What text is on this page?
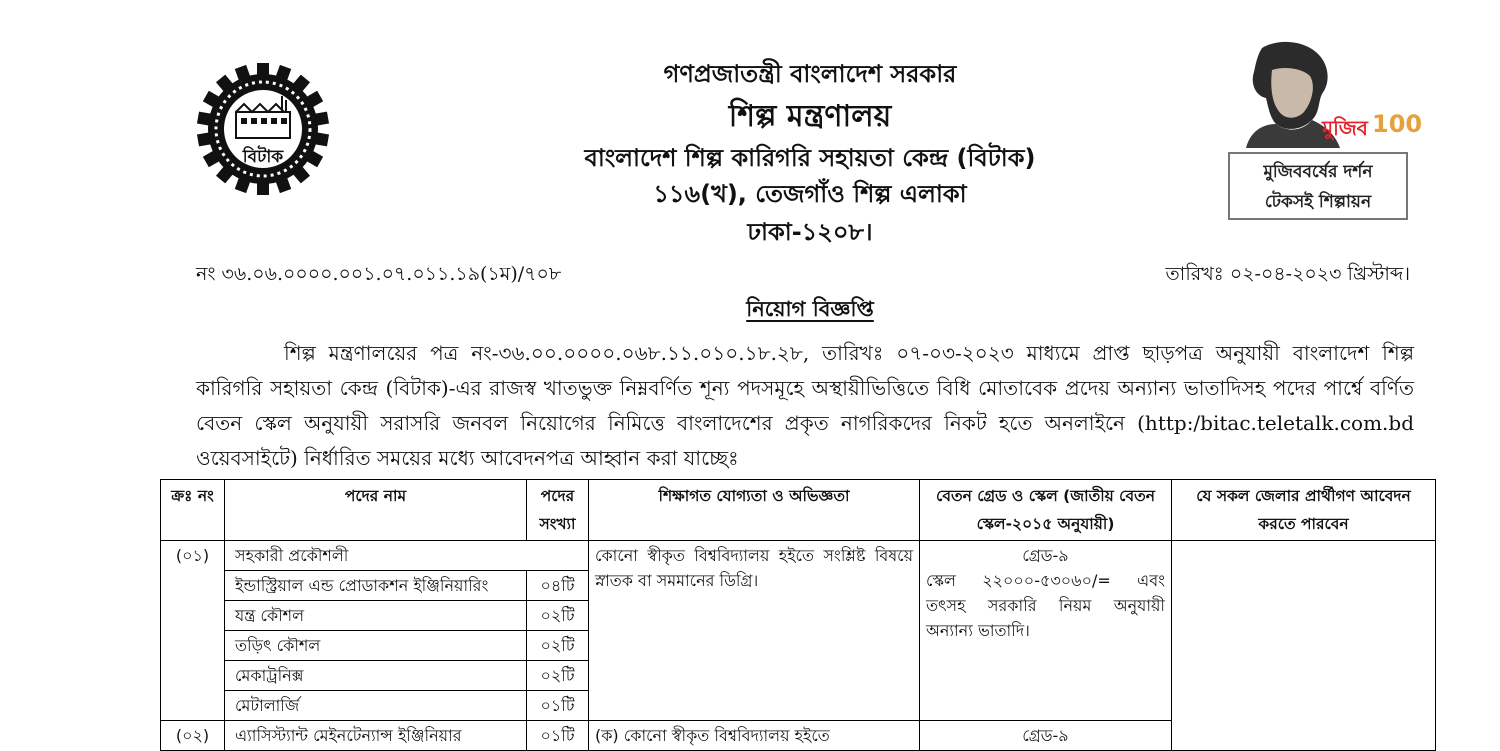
গণপ্রজাতন্ত্রী বাংলাদেশ সরকার
শিল্প মন্ত্রণালয়
বাংলাদেশ শিল্প কারিগরি সহায়তা কেন্দ্র (বিটাক)
১১৬(খ), তেজগাঁও শিল্প এলাকা
ঢাকা-১২০৮।
বিটাক
মুজিব 100
মুজিববর্ষের দর্শন
টেকসই শিল্পায়ন
নং ৩৬.০৬.০০০০.০০১.০৭.০১১.১৯(১ম)/৭০৮	তারিখঃ ০২-০৪-২০২৩ খ্রিস্টাব্দ।
নিয়োগ বিজ্ঞপ্তি
শিল্প মন্ত্রণালয়ের পত্র নং-৩৬.০০.০০০০.০৬৮.১১.০১০.১৮.২৮, তারিখঃ ০৭-০৩-২০২৩ মাধ্যমে প্রাপ্ত ছাড়পত্র অনুযায়ী বাংলাদেশ শিল্প কারিগরি সহায়তা কেন্দ্র (বিটাক)-এর রাজস্ব খাতভুক্ত নিম্নবর্ণিত শূন্য পদসমূহে অস্থায়ীভিত্তিতে বিধি মোতাবেক প্রদেয় অন্যান্য ভাতাদিসহ পদের পার্শ্বে বর্ণিত বেতন স্কেল অনুযায়ী সরাসরি জনবল নিয়োগের নিমিত্তে বাংলাদেশের প্রকৃত নাগরিকদের নিকট হতে অনলাইনে (http:/bitac.teletalk.com.bd ওয়েবসাইটে) নির্ধারিত সময়ের মধ্যে আবেদনপত্র আহ্বান করা যাচ্ছেঃ
ক্রঃ নং	পদের নাম	পদের সংখ্যা	শিক্ষাগত যোগ্যতা ও অভিজ্ঞতা	বেতন গ্রেড ও স্কেল (জাতীয় বেতন স্কেল-২০১৫ অনুযায়ী)	যে সকল জেলার প্রার্থীগণ আবেদন করতে পারবেন
(০১)	সহকারী প্রকৌশলী		কোনো স্বীকৃত বিশ্ববিদ্যালয় হইতে সংশ্লিষ্ট বিষয়ে স্নাতক বা সমমানের ডিগ্রি।	গ্রেড-৯
স্কেল ২২০০০-৫৩০৬০/= এবং তৎসহ সরকারি নিয়ম অনুযায়ী অন্যান্য ভাতাদি।	

	ইন্ডাস্ট্রিয়াল এন্ড প্রোডাকশন ইঞ্জিনিয়ারিং	০৪টি			
	যন্ত্র কৌশল	০২টি			
	তড়িৎ কৌশল	০২টি			
	মেকাট্রনিক্স	০২টি			
	মেটালার্জি	০১টি			
(০২)	এ্যাসিস্ট্যান্ট মেইনটেন্যান্স ইঞ্জিনিয়ার	০১টি	(ক) কোনো স্বীকৃত বিশ্ববিদ্যালয় হইতে	গ্রেড-৯	
